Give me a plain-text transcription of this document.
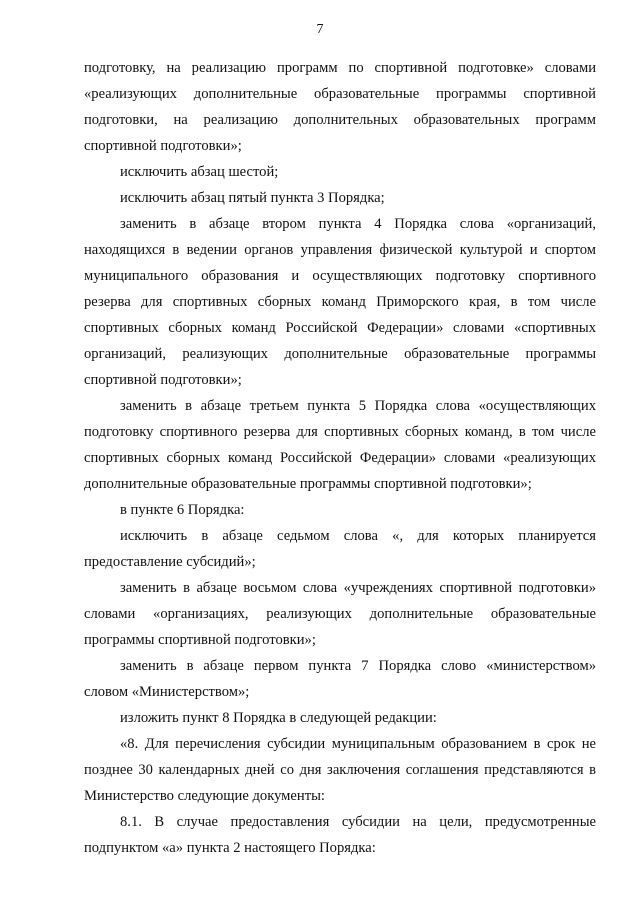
7
подготовку, на реализацию программ по спортивной подготовке» словами
«реализующих дополнительные образовательные программы спортивной
подготовки, на реализацию дополнительных образовательных программ
спортивной подготовки»;
исключить абзац шестой;
исключить абзац пятый пункта 3 Порядка;
заменить в абзаце втором пункта 4 Порядка слова «организаций,
находящихся в ведении органов управления физической культурой и спортом
муниципального образования и осуществляющих подготовку спортивного
резерва для спортивных сборных команд Приморского края, в том числе
спортивных сборных команд Российской Федерации» словами «спортивных
организаций, реализующих дополнительные образовательные программы
спортивной подготовки»;
заменить в абзаце третьем пункта 5 Порядка слова «осуществляющих
подготовку спортивного резерва для спортивных сборных команд, в том числе
спортивных сборных команд Российской Федерации» словами «реализующих
дополнительные образовательные программы спортивной подготовки»;
в пункте 6 Порядка:
исключить в абзаце седьмом слова «, для которых планируется
предоставление субсидий»;
заменить в абзаце восьмом слова «учреждениях спортивной подготовки»
словами «организациях, реализующих дополнительные образовательные
программы спортивной подготовки»;
заменить в абзаце первом пункта 7 Порядка слово «министерством»
словом «Министерством»;
изложить пункт 8 Порядка в следующей редакции:
«8. Для перечисления субсидии муниципальным образованием в срок не
позднее 30 календарных дней со дня заключения соглашения представляются в
Министерство следующие документы:
8.1. В случае предоставления субсидии на цели, предусмотренные
подпунктом «а» пункта 2 настоящего Порядка:
